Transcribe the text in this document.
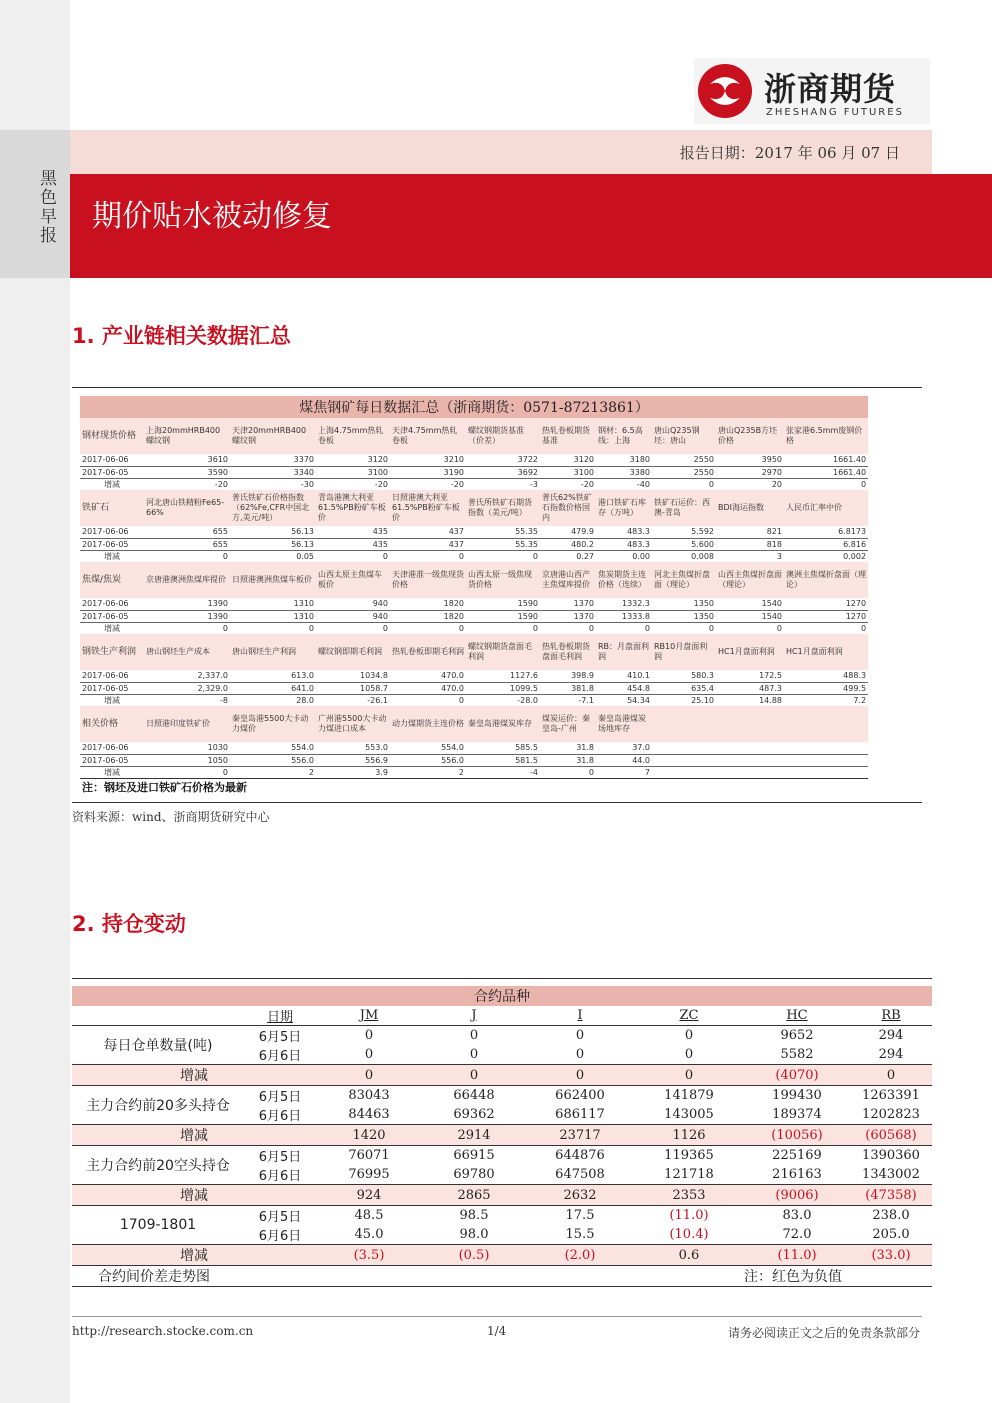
黑色早报
浙商期货
ZHESHANG FUTURES
报告日期：2017 年 06 月 07 日
期价贴水被动修复
1. 产业链相关数据汇总
煤焦钢矿每日数据汇总（浙商期货：0571-87213861）										
钢材现货价格	上海20mmHRB400螺纹钢	天津20mmHRB400螺纹钢	上海4.75mm热轧卷板	天津4.75mm热轧卷板	螺纹钢期货基准（价差）	热轧卷板期货基准	钢材：6.5高线：上海	唐山Q235钢坯：唐山	唐山Q235B方坯价格	张家港6.5mm废钢价格
2017-06-06	3610	3370	3120	3210	3722	3120	3180	2550	3950	1661.40
2017-06-05	3590	3340	3100	3190	3692	3100	3380	2550	2970	1661.40
增减	-20	-30	-20	-20	-3	-20	-40	0	20	0
铁矿石	河北唐山铁精粉Fe65-66%	普氏铁矿石价格指数（62%Fe,CFR中国北方,美元/吨）	青岛港澳大利亚61.5%PB粉矿车板价	日照港澳大利亚61.5%PB粉矿车板价	普氏所铁矿石期货指数（美元/吨）	普氏62%铁矿石指数价格国内	港口铁矿石库存（万吨）	铁矿石运价：西澳-青岛	BDI海运指数	人民币汇率中价
2017-06-06	655	56.13	435	437	55.35	479.9	483.3	5.592	821	6.8173
2017-06-05	655	56.13	435	437	55.35	480.2	483.3	5.600	818	6.816
增减	0	0.05	0	0	0	0.27	0.00	0.008	3	0.002
焦煤/焦炭	京唐港澳洲焦煤库提价	日照港澳洲焦煤车板价	山西太原主焦煤车板价	天津港准一级焦现货价格	山西太原一级焦现货价格	京唐港山西产主焦煤库提价	焦炭期货主连价格（连续）	河北主焦煤折盘面（理论）	山西主焦煤折盘面（理论）	澳洲主焦煤折盘面（理论）
2017-06-06	1390	1310	940	1820	1590	1370	1332.3	1350	1540	1270
2017-06-05	1390	1310	940	1820	1590	1370	1333.8	1350	1540	1270
增减	0	0	0	0	0	0	0	0	0	0
钢铁生产利润	唐山钢坯生产成本	唐山钢坯生产利润	螺纹钢即期毛利润	热轧卷板即期毛利润	螺纹钢期货盘面毛利润	热轧卷板期货盘面毛利润	RB：月盘面利润	RB10月盘面利润	HC1月盘面利润	HC1月盘面利润
2017-06-06	2,337.0	613.0	1034.8	470.0	1127.6	398.9	410.1	580.3	172.5	488.3
2017-06-05	2,329.0	641.0	1058.7	470.0	1099.5	381.8	454.8	635.4	487.3	499.5
增减	-8	28.0	-26.1	0	-28.0	-7.1	54.34	25.10	14.88	7.2
相关价格	日照港印度铁矿价	秦皇岛港5500大卡动力煤价	广州港5500大卡动力煤进口成本	动力煤期货主连价格	秦皇岛港煤炭库存	煤炭运价：秦皇岛-广州	秦皇岛港煤炭场地库存			
2017-06-06	1030	554.0	553.0	554.0	585.5	31.8	37.0			
2017-06-05	1050	556.0	556.9	556.0	581.5	31.8	44.0			
增减	0	2	3.9	2	-4	0	7			
注：钢坯及进口铁矿石价格为最新										
资料来源：wind、浙商期货研究中心
2. 持仓变动
合约品种							
	日期	JM	J	I	ZC	HC	RB
每日仓单数量(吨)	6月5日	0	0	0	0	9652	294
	6月6日	0	0	0	0	5582	294
增减		0	0	0	0	(4070)	0
主力合约前20多头持仓	6月5日	83043	66448	662400	141879	199430	1263391
	6月6日	84463	69362	686117	143005	189374	1202823
增减		1420	2914	23717	1126	(10056)	(60568)
主力合约前20空头持仓	6月5日	76071	66915	644876	119365	225169	1390360
	6月6日	76995	69780	647508	121718	216163	1343002
增减		924	2865	2632	2353	(9006)	(47358)
1709-1801	6月5日	48.5	98.5	17.5	(11.0)	83.0	238.0
	6月6日	45.0	98.0	15.5	(10.4)	72.0	205.0
增减		(3.5)	(0.5)	(2.0)	0.6	(11.0)	(33.0)
合约间价差走势图						注：红色为负值	
http://research.stocke.com.cn	1/4	请务必阅读正文之后的免责条款部分
